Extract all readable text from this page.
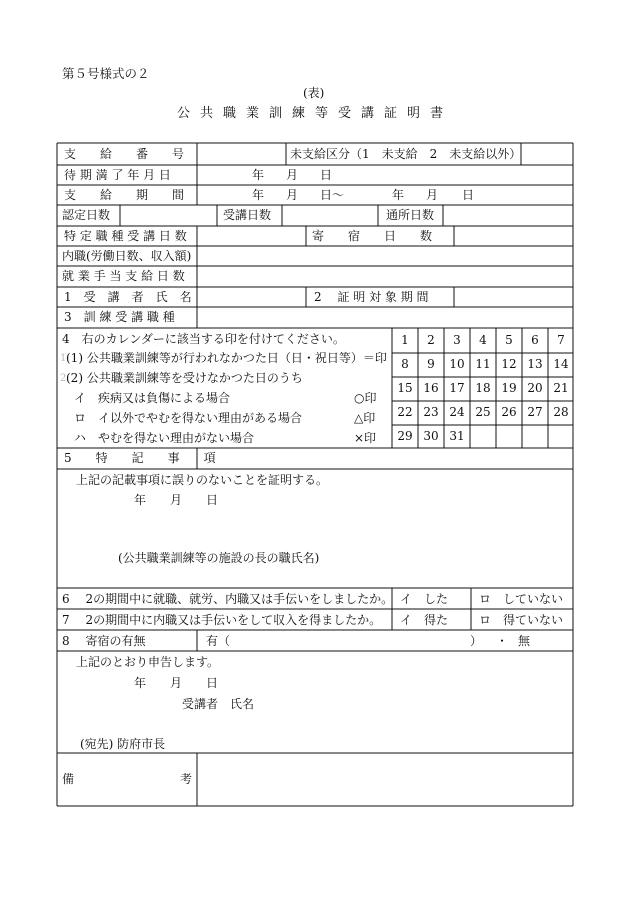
第５号様式の２
(表)
公共職業訓練等受講証明書
支　　給　　番　　号	未支給区分（1　未支給　2　未支給以外）
待 期 満 了 年 月 日	年 月 日
支　　給　　期　　間	年 月 日～	年 月 日
認定日数	受講日数	通所日数
特 定 職 種 受 講 日 数	寄　　宿　　日　　数
内職(労働日数、収入額)
就 業 手 当 支 給 日 数
1　受　講　者　氏　名	2　 証 明 対 象 期 間
3　訓 練 受 講 職 種
4　右のカレンダーに該当する印を付けてください。
1 (1) 公共職業訓練等が行われなかつた日（日・祝日等）＝印
2 (2) 公共職業訓練等を受けなかつた日のうち
イ　疾病又は負傷による場合	○印
ロ　イ以外でやむを得ない理由がある場合	△印
ハ　やむを得ない理由がない場合	×印
1	2	3	4	5	6	7
8	9	10 11 12 13 14
15 16 17 18 19 20 21
22 23 24 25 26 27 28
29 30 31
5　　特　　記　　事　　項
上記の記載事項に誤りのないことを証明する。
年　　月　　日
(公共職業訓練等の施設の長の職氏名)
6　 2の期間中に就職、就労、内職又は手伝いをしましたか。 イ　した	ロ　していない
7　 2の期間中に内職又は手伝いをして収入を得ましたか。 イ　得た	ロ　得ていない
8　 寄宿の有無	有（	） ・ 無
上記のとおり申告します。
年　　月　　日
受講者　氏名
(宛先) 防府市長
備	考
